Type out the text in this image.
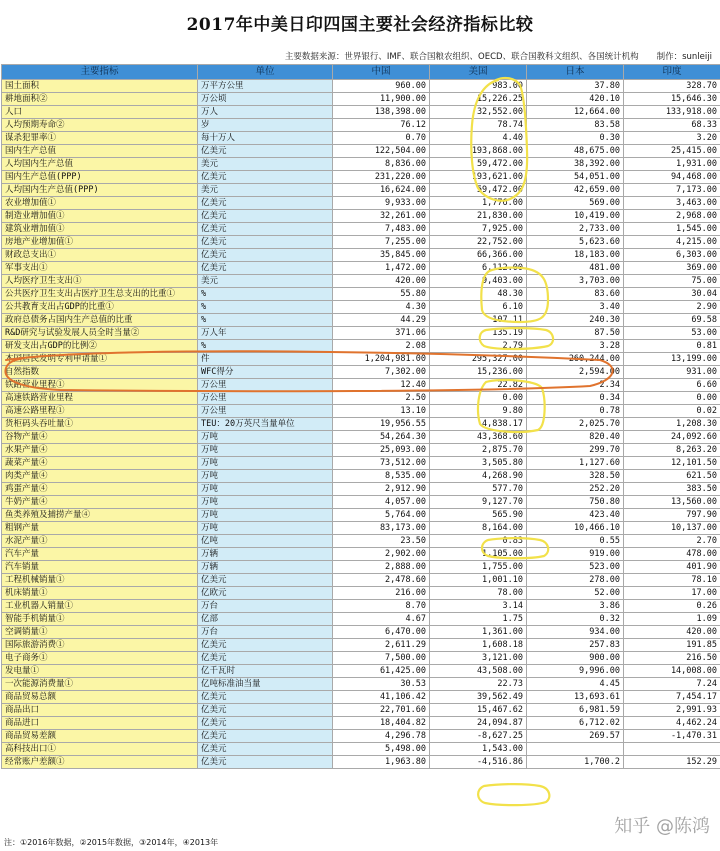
2017年中美日印四国主要社会经济指标比较
主要数据来源：世界银行、IMF、联合国粮农组织、OECD、联合国教科文组织、各国统计机构 制作：sunleiji
主要指标	单位	中国	美国	日本	印度
国土面积	万平方公里	960.00	983.00	37.80	328.70
耕地面积②	万公顷	11,900.00	15,226.25	420.10	15,646.30
人口	万人	138,398.00	32,552.00	12,664.00	133,918.00
人均预期寿命②	岁	76.12	78.74	83.58	68.33
谋杀犯罪率①	每十万人	0.70	4.40	0.30	3.20
国内生产总值	亿美元	122,504.00	193,868.00	48,675.00	25,415.00
人均国内生产总值	美元	8,836.00	59,472.00	38,392.00	1,931.00
国内生产总值(PPP)	亿美元	231,220.00	193,621.00	54,051.00	94,468.00
人均国内生产总值(PPP)	美元	16,624.00	59,472.00	42,659.00	7,173.00
农业增加值①	亿美元	9,933.00	1,776.00	569.00	3,463.00
制造业增加值①	亿美元	32,261.00	21,830.00	10,419.00	2,968.00
建筑业增加值①	亿美元	7,483.00	7,925.00	2,733.00	1,545.00
房地产业增加值①	亿美元	7,255.00	22,752.00	5,623.60	4,215.00
财政总支出①	亿美元	35,845.00	66,366.00	18,183.00	6,303.00
军事支出①	亿美元	1,472.00	6,112.00	481.00	369.00
人均医疗卫生支出①	美元	420.00	9,403.00	3,703.00	75.00
公共医疗卫生支出占医疗卫生总支出的比重①	%	55.80	48.30	83.60	30.04
公共教育支出占GDP的比重①	%	4.30	6.10	3.40	2.90
政府总债务占国内生产总值的比重	%	44.29	107.11	240.30	69.58
R&D研究与试验发展人员全时当量②	万人年	371.06	135.19	87.50	53.00
研发支出占GDP的比例②	%	2.08	2.79	3.28	0.81
本国居民发明专利申请量①	件	1,204,981.00	295,327.00	260,244.00	13,199.00
自然指数	WFC得分	7,302.00	15,236.00	2,594.00	931.00
铁路营业里程①	万公里	12.40	22.82	2.34	6.60
高速铁路营业里程	万公里	2.50	0.00	0.34	0.00
高速公路里程①	万公里	13.10	9.80	0.78	0.02
货柜码头吞吐量①	TEU：20万英尺当量单位	19,956.55	4,838.17	2,025.70	1,208.30
谷物产量④	万吨	54,264.30	43,368.60	820.40	24,092.60
水果产量④	万吨	25,093.00	2,875.70	299.70	8,263.20
蔬菜产量④	万吨	73,512.00	3,505.80	1,127.60	12,101.50
肉类产量④	万吨	8,535.00	4,268.90	328.50	621.50
鸡蛋产量④	万吨	2,912.90	577.70	252.20	383.50
牛奶产量④	万吨	4,057.00	9,127.70	750.80	13,560.00
鱼类养殖及捕捞产量④	万吨	5,764.00	565.90	423.40	797.90
粗钢产量	万吨	83,173.00	8,164.00	10,466.10	10,137.00
水泥产量①	亿吨	23.50	0.83	0.55	2.70
汽车产量	万辆	2,902.00	1,105.00	919.00	478.00
汽车销量	万辆	2,888.00	1,755.00	523.00	401.90
工程机械销量①	亿美元	2,478.60	1,001.10	278.00	78.10
机床销量①	亿欧元	216.00	78.00	52.00	17.00
工业机器人销量①	万台	8.70	3.14	3.86	0.26
智能手机销量①	亿部	4.67	1.75	0.32	1.09
空调销量①	万台	6,470.00	1,361.00	934.00	420.00
国际旅游消费①	亿美元	2,611.29	1,608.18	257.83	191.85
电子商务①	亿美元	7,500.00	3,121.00	900.00	216.50
发电量①	亿千瓦时	61,425.00	43,508.00	9,996.00	14,008.00
一次能源消费量①	亿吨标准油当量	30.53	22.73	4.45	7.24
商品贸易总额	亿美元	41,106.42	39,562.49	13,693.61	7,454.17
商品出口	亿美元	22,701.60	15,467.62	6,981.59	2,991.93
商品进口	亿美元	18,404.82	24,094.87	6,712.02	4,462.24
商品贸易差额	亿美元	4,296.78	-8,627.25	269.57	-1,470.31
高科技出口①	亿美元	5,498.00	1,543.00		
经常账户差额①	亿美元	1,963.80	-4,516.86	1,700.2	152.29
注：①2016年数据，②2015年数据，③2014年，④2013年
知乎 @陈鸿
